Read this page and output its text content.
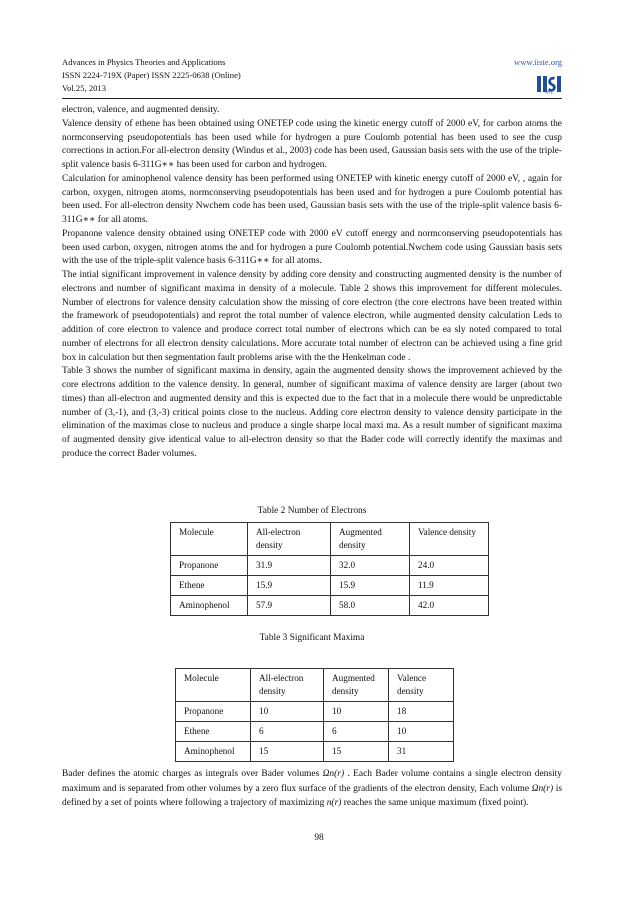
Advances in Physics Theories and Applications
ISSN 2224-719X (Paper) ISSN 2225-0638 (Online)
Vol.25, 2013
www.iiste.org
IISTE

electron, valence, and augmented density.

Valence density of ethene has been obtained using ONETEP code using the kinetic energy cutoff of 2000 eV, for carbon atoms the normconserving pseudopotentials has been used while for hydrogen a pure Coulomb potential has been used to see the cusp corrections in action.For all-electron density (Windus et al., 2003) code has been used, Gaussian basis sets with the use of the triple-split valence basis 6-311G∗∗ has been used for carbon and hydrogen.

Calculation for aminophenol valence density has been performed using ONETEP with kinetic energy cutoff of 2000 eV, , again for carbon, oxygen, nitrogen atoms, normconserving pseudopotentials has been used and for hydrogen a pure Coulomb potential has been used. For all-electron density Nwchem code has been used, Gaussian basis sets with the use of the triple-split valence basis 6-311G∗∗ for all atoms.

Propanone valence density obtained using ONETEP code with 2000 eV cutoff energy and normconserving pseudopotentials has been used carbon, oxygen, nitrogen atoms the and for hydrogen a pure Coulomb potential.Nwchem code using Gaussian basis sets with the use of the triple-split valence basis 6-311G∗∗ for all atoms.

The intial significant improvement in valence density by adding core density and constructing augmented density is the number of electrons and number of significant maxima in density of a molecule. Table 2 shows this improvement for different molecules. Number of electrons for valence density calculation show the missing of core electron (the core electrons have been treated within the framework of pseudopotentials) and reprot the total number of valence electron, while augmented density calculation Leds to addition of core electron to valence and produce correct total number of electrons which can be ea sly noted compared to total number of electrons for all electron density calculations. More accurate total number of electron can be achieved using a fine grid box in calculation but then segmentation fault problems arise with the the Henkelman code .

Table 3 shows the number of significant maxima in density, again the augmented density shows the improvement achieved by the core electrons addition to the valence density. In general, number of significant maxima of valence density are larger (about two times) than all-electron and augmented density and this is expected due to the fact that in a molecule there would be unpredictable number of (3,-1), and (3,-3) critical points close to the nucleus. Adding core electron density to valence density participate in the elimination of the maximas close to nucleus and produce a single sharpe local maxi ma. As a result number of significant maxima of augmented density give identical value to all-electron density so that the Bader code will correctly identify the maximas and produce the correct Bader volumes.

Table 2 Number of Electrons
Molecule	All-electron density	Augmented density	Valence density
Propanone	31.9	32.0	24.0
Ethene	15.9	15.9	11.9
Aminophenol	57.9	58.0	42.0
Table 3 Significant Maxima
Molecule	All-electron density	Augmented density	Valence density
Propanone	10	10	18
Ethene	6	6	10
Aminophenol	15	15	31
Bader defines the atomic charges as integrals over Bader volumes Ωn(r) . Each Bader volume contains a single electron density maximum and is separated from other volumes by a zero flux surface of the gradients of the electron density, Each volume Ωn(r) is defined by a set of points where following a trajectory of maximizing n(r) reaches the same unique maximum (fixed point).
98
